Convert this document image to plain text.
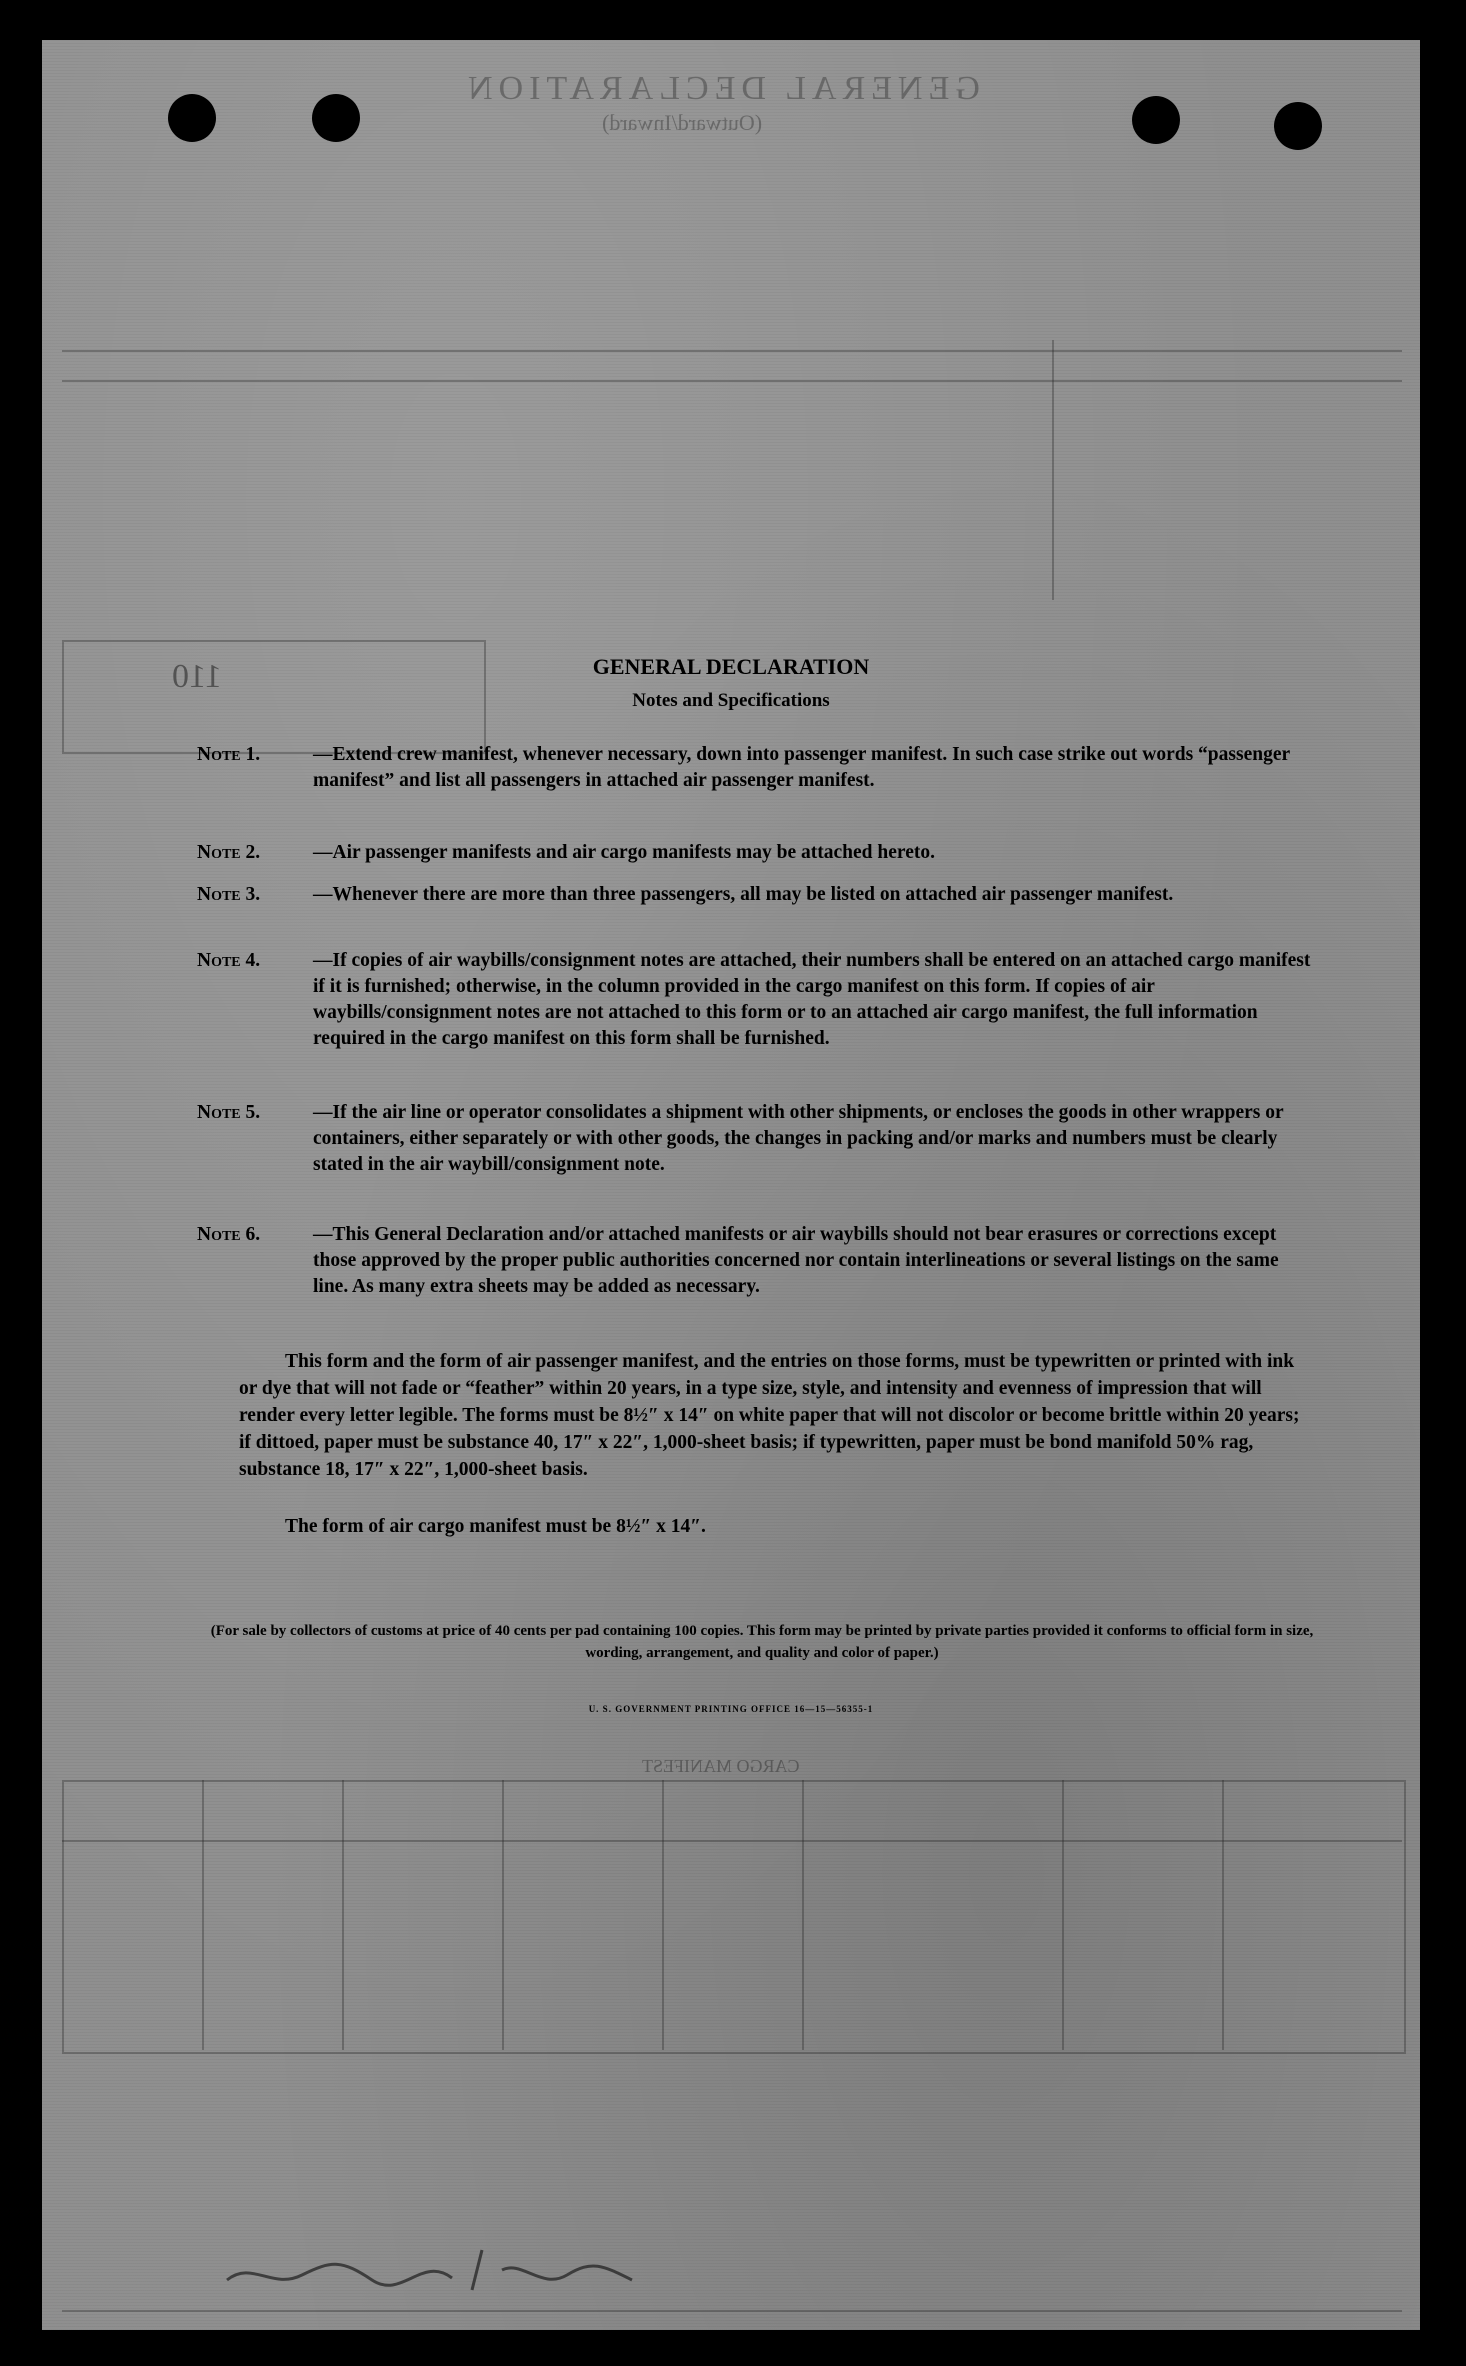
GENERAL DECLARATION
(Outward/Inward)
CARGO MANIFEST
110	GENERAL DECLARATION
Notes and Specifications
Note 1.	—Extend crew manifest, whenever necessary, down into passenger manifest. In such case strike out words “passenger manifest” and list all passengers in attached air passenger manifest.
Note 2.	—Air passenger manifests and air cargo manifests may be attached hereto.
Note 3.	—Whenever there are more than three passengers, all may be listed on attached air passenger manifest.
Note 4.	—If copies of air waybills/consignment notes are attached, their numbers shall be entered on an attached cargo manifest if it is furnished; otherwise, in the column provided in the cargo manifest on this form. If copies of air waybills/consignment notes are not attached to this form or to an attached air cargo manifest, the full information required in the cargo manifest on this form shall be furnished.
Note 5.	—If the air line or operator consolidates a shipment with other shipments, or encloses the goods in other wrappers or containers, either separately or with other goods, the changes in packing and/or marks and numbers must be clearly stated in the air waybill/consignment note.
Note 6.	—This General Declaration and/or attached manifests or air waybills should not bear erasures or corrections except those approved by the proper public authorities concerned nor contain interlineations or several listings on the same line. As many extra sheets may be added as necessary.
This form and the form of air passenger manifest, and the entries on those forms, must be typewritten or printed with ink or dye that will not fade or “feather” within 20 years, in a type size, style, and intensity and evenness of impression that will render every letter legible. The forms must be 8½″ x 14″ on white paper that will not discolor or become brittle within 20 years; if dittoed, paper must be substance 40, 17″ x 22″, 1,000-sheet basis; if typewritten, paper must be bond manifold 50% rag, substance 18, 17″ x 22″, 1,000-sheet basis.
The form of air cargo manifest must be 8½″ x 14″.
(For sale by collectors of customs at price of 40 cents per pad containing 100 copies. This form may be printed by private parties provided it conforms to official form in size, wording, arrangement, and quality and color of paper.)
U. S. GOVERNMENT PRINTING OFFICE 16—15—56355-1
